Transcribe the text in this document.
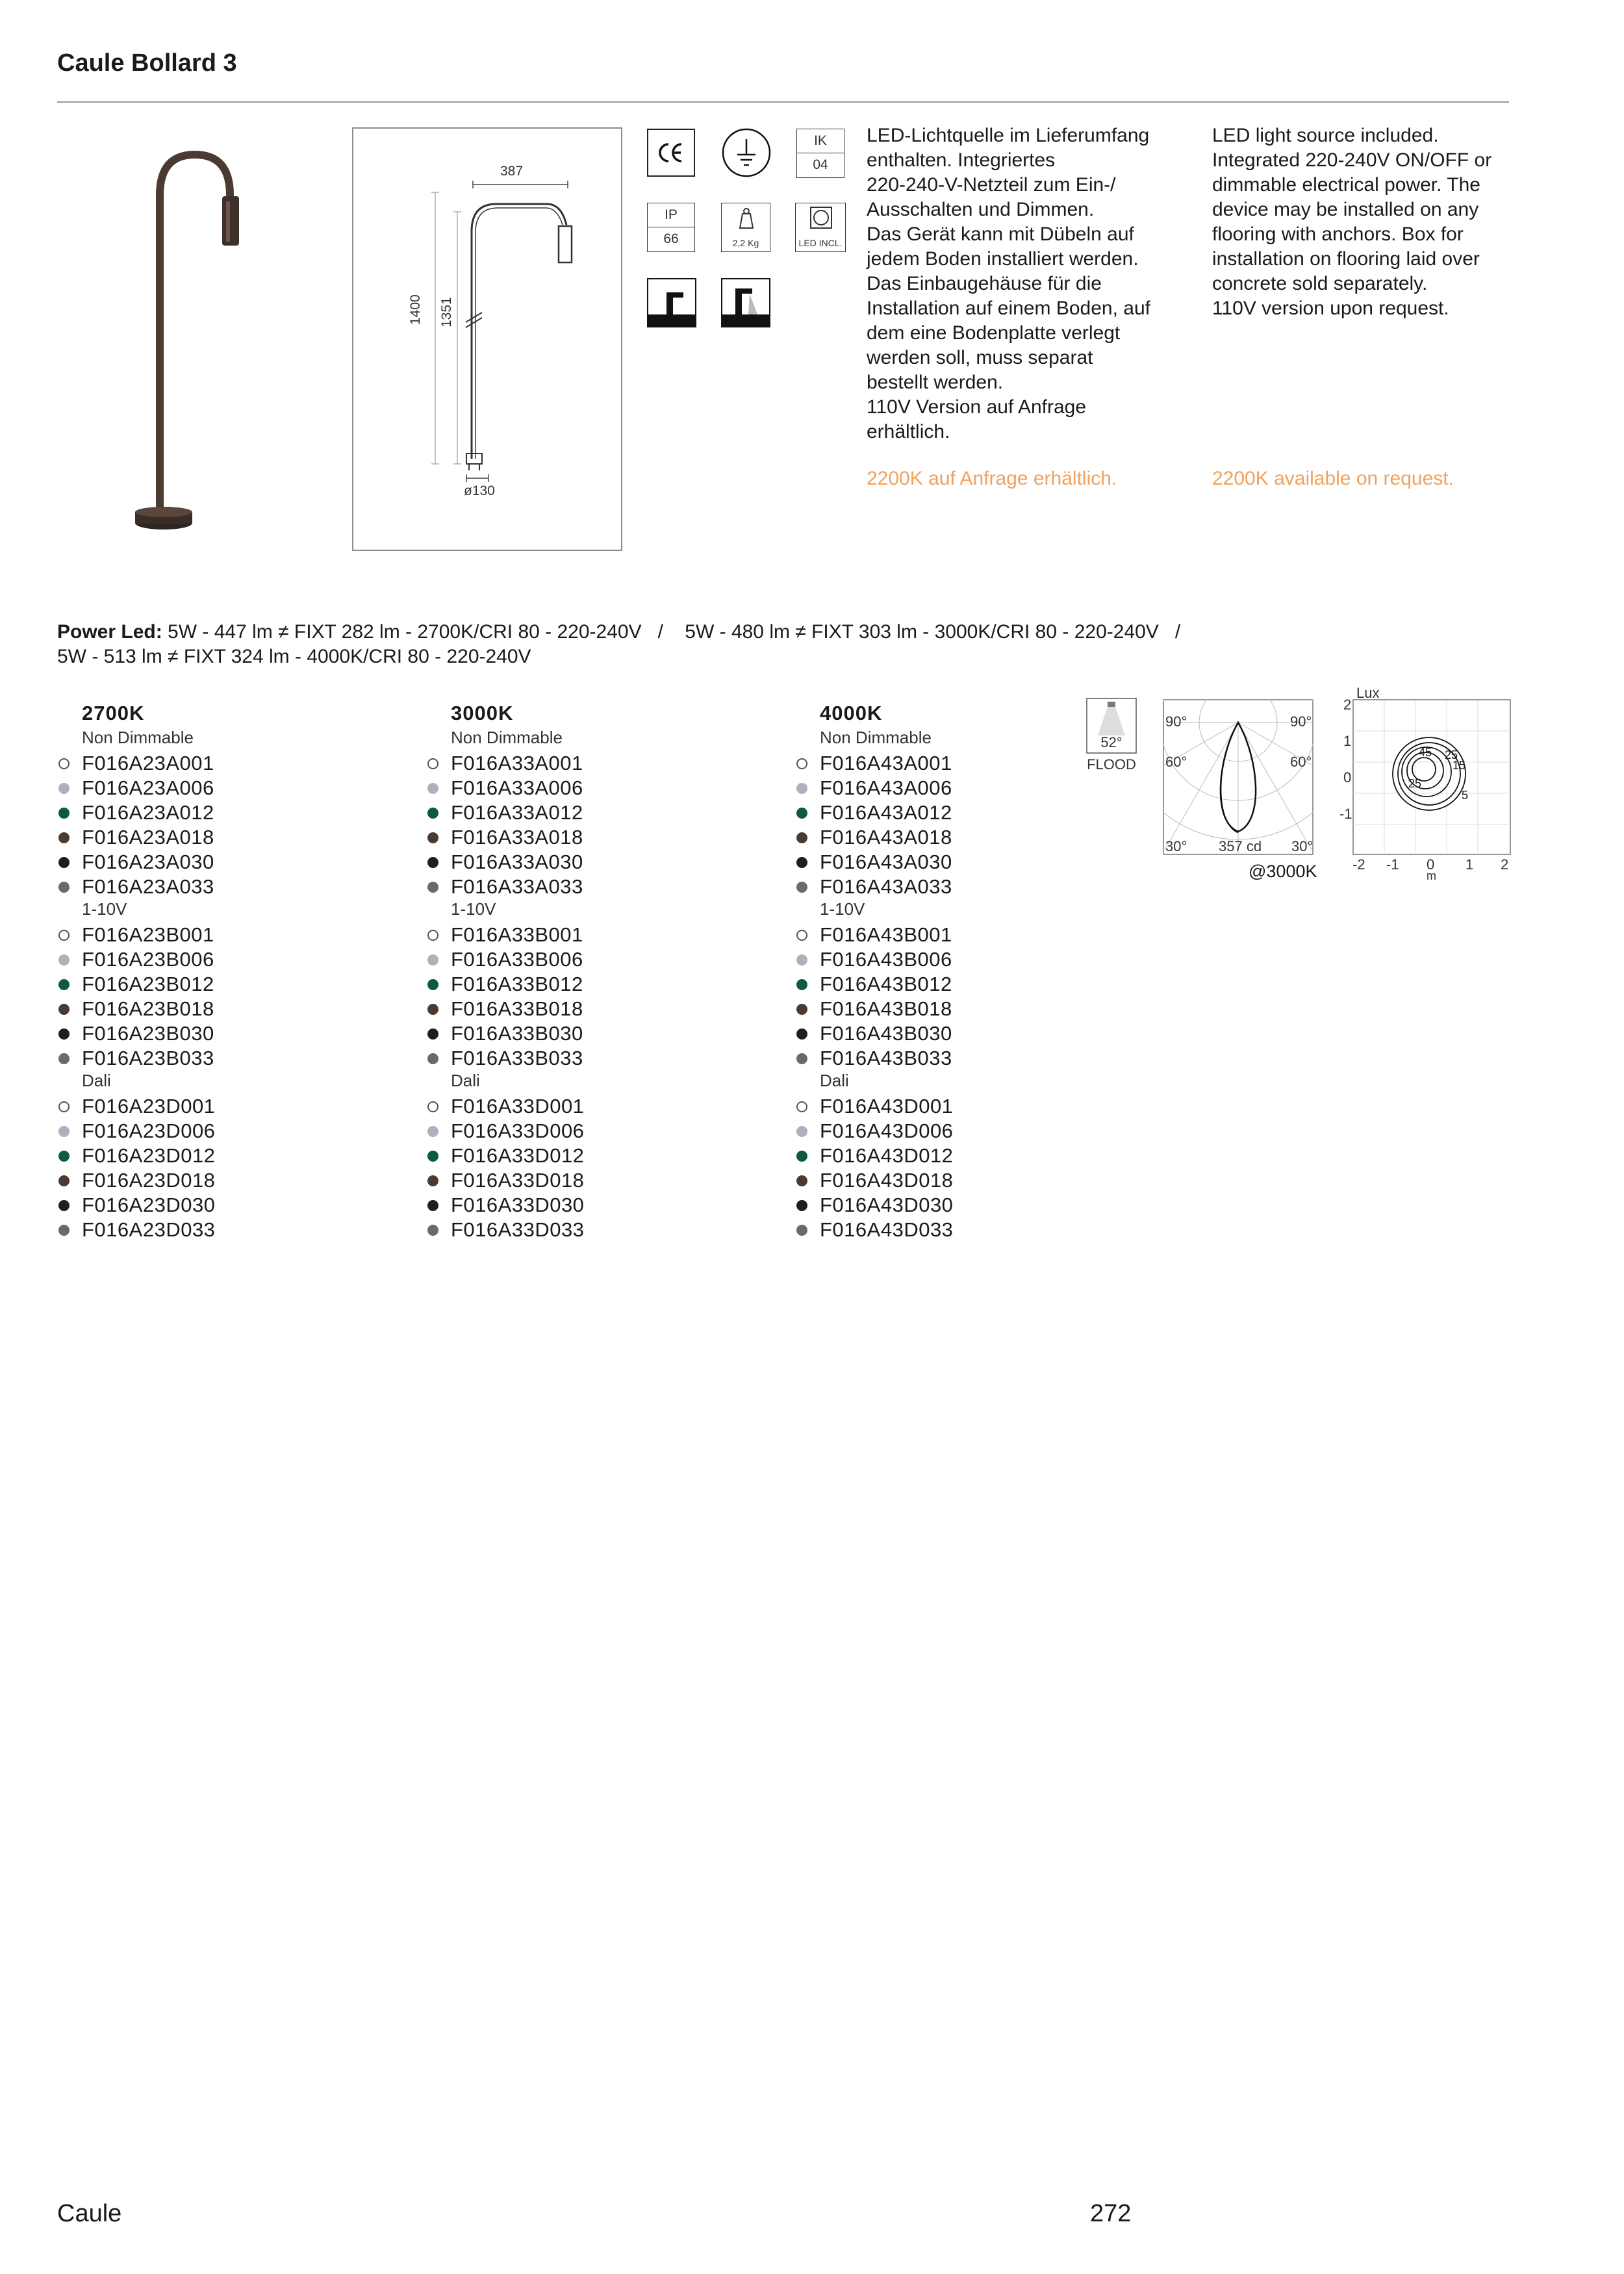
Caule Bollard 3
387
1400 1351
ø130
IK
04
IP
66	2,2 Kg	LED INCL.
LED-Lichtquelle im Lieferumfang
enthalten. Integriertes
220-240-V-Netzteil zum Ein-/
Ausschalten und Dimmen.
Das Gerät kann mit Dübeln auf
jedem Boden installiert werden.
Das Einbaugehäuse für die
Installation auf einem Boden, auf
dem eine Bodenplatte verlegt
werden soll, muss separat
bestellt werden.
110V Version auf Anfrage
erhältlich.
LED light source included.
Integrated 220-240V ON/OFF or
dimmable electrical power. The
device may be installed on any
flooring with anchors. Box for
installation on flooring laid over
concrete sold separately.
110V version upon request.
2200K auf Anfrage erhältlich.	2200K available on request.
Power Led: 5W - 447 lm ≠ FIXT 282 lm - 2700K/CRI 80 - 220-240V   /    5W - 480 lm ≠ FIXT 303 lm - 3000K/CRI 80 - 220-240V   /
5W - 513 lm ≠ FIXT 324 lm - 4000K/CRI 80 - 220-240V
2700K
Non Dimmable
F016A23A001
F016A23A006
F016A23A012
F016A23A018
F016A23A030
F016A23A033
1-10V
F016A23B001
F016A23B006
F016A23B012
F016A23B018
F016A23B030
F016A23B033
Dali
F016A23D001
F016A23D006
F016A23D012
F016A23D018
F016A23D030
F016A23D033
3000K
Non Dimmable
F016A33A001
F016A33A006
F016A33A012
F016A33A018
F016A33A030
F016A33A033
1-10V
F016A33B001
F016A33B006
F016A33B012
F016A33B018
F016A33B030
F016A33B033
Dali
F016A33D001
F016A33D006
F016A33D012
F016A33D018
F016A33D030
F016A33D033
4000K
Non Dimmable
F016A43A001
F016A43A006
F016A43A012
F016A43A018
F016A43A030
F016A43A033
1-10V
F016A43B001
F016A43B006
F016A43B012
F016A43B018
F016A43B030
F016A43B033
Dali
F016A43D001
F016A43D006
F016A43D012
F016A43D018
F016A43D030
F016A43D033
52°
FLOOD
90°	90°
60°	60°
30°	30°
357 cd
@3000K
Lux
2
1
0
-1
-2 -1 0 1 2
m
45 25
15
5
25
Caule	272
